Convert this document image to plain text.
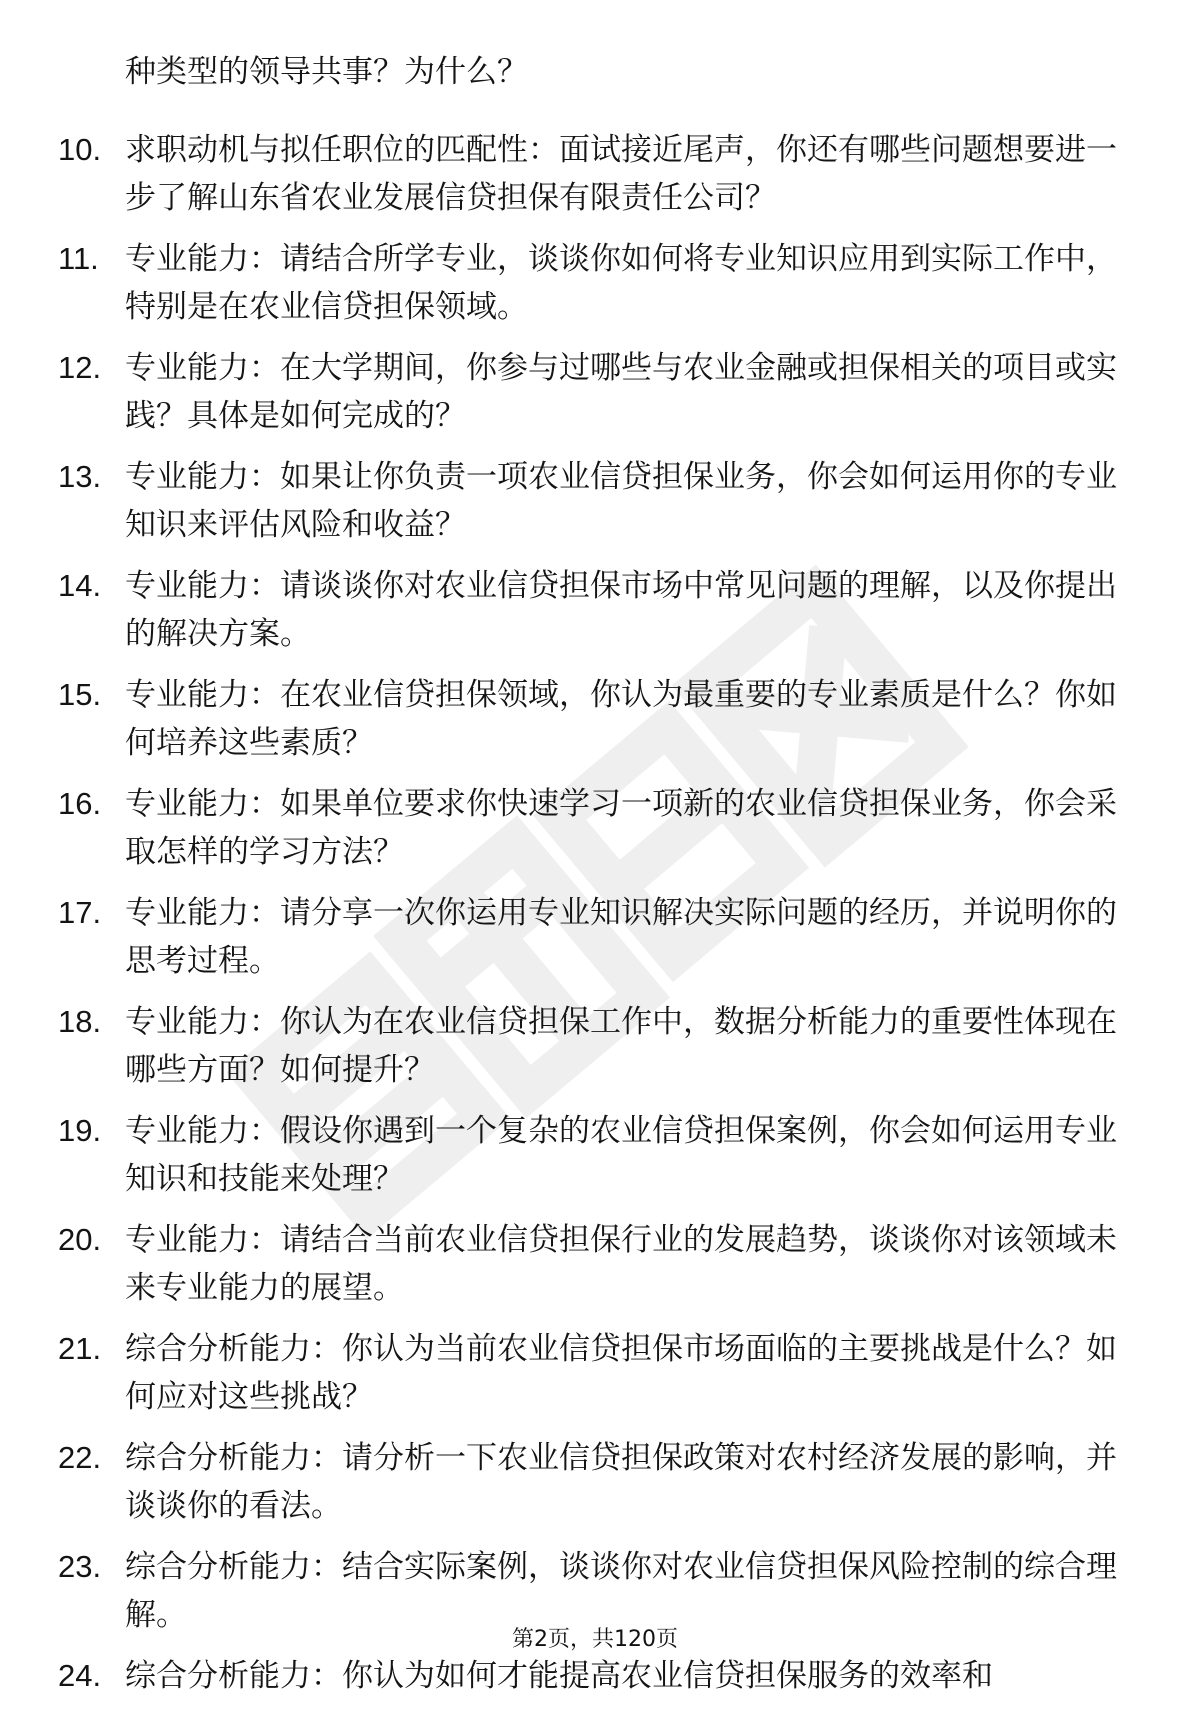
种类型的领导共事？为什么？
10. 求职动机与拟任职位的匹配性：面试接近尾声，你还有哪些问题想要进一步了解山东省农业发展信贷担保有限责任公司？
11. 专业能力：请结合所学专业，谈谈你如何将专业知识应用到实际工作中，特别是在农业信贷担保领域。
12. 专业能力：在大学期间，你参与过哪些与农业金融或担保相关的项目或实践？具体是如何完成的？
13. 专业能力：如果让你负责一项农业信贷担保业务，你会如何运用你的专业知识来评估风险和收益？
14. 专业能力：请谈谈你对农业信贷担保市场中常见问题的理解，以及你提出的解决方案。
15. 专业能力：在农业信贷担保领域，你认为最重要的专业素质是什么？你如何培养这些素质？
16. 专业能力：如果单位要求你快速学习一项新的农业信贷担保业务，你会采取怎样的学习方法？
17. 专业能力：请分享一次你运用专业知识解决实际问题的经历，并说明你的思考过程。
18. 专业能力：你认为在农业信贷担保工作中，数据分析能力的重要性体现在哪些方面？如何提升？
19. 专业能力：假设你遇到一个复杂的农业信贷担保案例，你会如何运用专业知识和技能来处理？
20. 专业能力：请结合当前农业信贷担保行业的发展趋势，谈谈你对该领域未来专业能力的展望。
21. 综合分析能力：你认为当前农业信贷担保市场面临的主要挑战是什么？如何应对这些挑战？
22. 综合分析能力：请分析一下农业信贷担保政策对农村经济发展的影响，并谈谈你的看法。
23. 综合分析能力：结合实际案例，谈谈你对农业信贷担保风险控制的综合理解。
24. 综合分析能力：你认为如何才能提高农业信贷担保服务的效率和
第2页，共120页
